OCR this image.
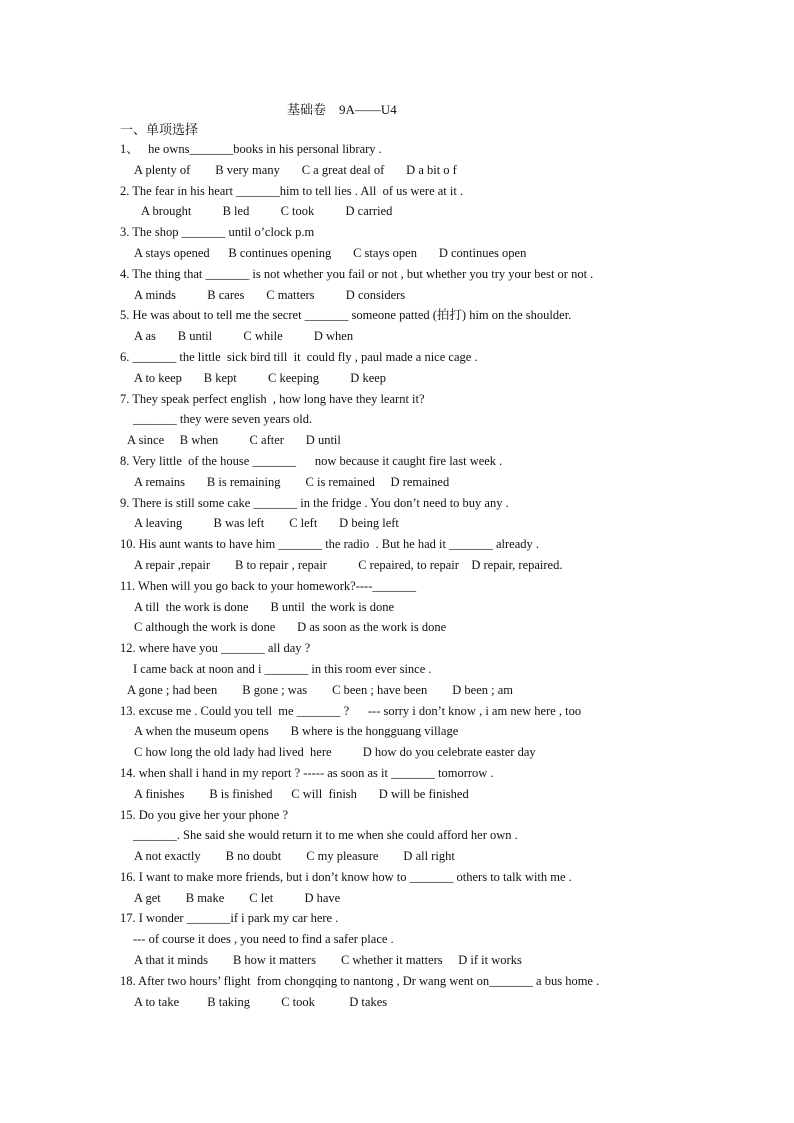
基础卷    9A——U4
一、单项选择
1、   he owns_______books in his personal library .
A plenty of        B very many       C a great deal of       D a bit o f
2. The fear in his heart _______him to tell lies . All  of us were at it .
A brought          B led          C took          D carried
3. The shop _______ until o’clock p.m
A stays opened      B continues opening       C stays open       D continues open
4. The thing that _______ is not whether you fail or not , but whether you try your best or not .
A minds          B cares       C matters          D considers
5. He was about to tell me the secret _______ someone patted (拍打) him on the shoulder.
A as       B until          C while          D when
6. _______ the little  sick bird till  it  could fly , paul made a nice cage .
A to keep       B kept          C keeping          D keep
7. They speak perfect english  , how long have they learnt it?
_______ they were seven years old.
A since     B when          C after       D until
8. Very little  of the house _______      now because it caught fire last week .
A remains       B is remaining        C is remained     D remained
9. There is still some cake _______ in the fridge . You don’t need to buy any .
A leaving          B was left        C left       D being left
10. His aunt wants to have him _______ the radio  . But he had it _______ already .
A repair ,repair        B to repair , repair          C repaired, to repair    D repair, repaired.
11. When will you go back to your homework?----_______
A till  the work is done       B until  the work is done
C although the work is done       D as soon as the work is done
12. where have you _______ all day ?
I came back at noon and i _______ in this room ever since .
A gone ; had been        B gone ; was        C been ; have been        D been ; am
13. excuse me . Could you tell  me _______ ?      --- sorry i don’t know , i am new here , too
A when the museum opens       B where is the hongguang village
C how long the old lady had lived  here          D how do you celebrate easter day
14. when shall i hand in my report ? ----- as soon as it _______ tomorrow .
A finishes        B is finished      C will  finish       D will be finished
15. Do you give her your phone ?
_______. She said she would return it to me when she could afford her own .
A not exactly        B no doubt        C my pleasure        D all right
16. I want to make more friends, but i don’t know how to _______ others to talk with me .
A get        B make        C let          D have
17. I wonder _______if i park my car here .
--- of course it does , you need to find a safer place .
A that it minds        B how it matters        C whether it matters     D if it works
18. After two hours’ flight  from chongqing to nantong , Dr wang went on_______ a bus home .
A to take         B taking          C took           D takes
